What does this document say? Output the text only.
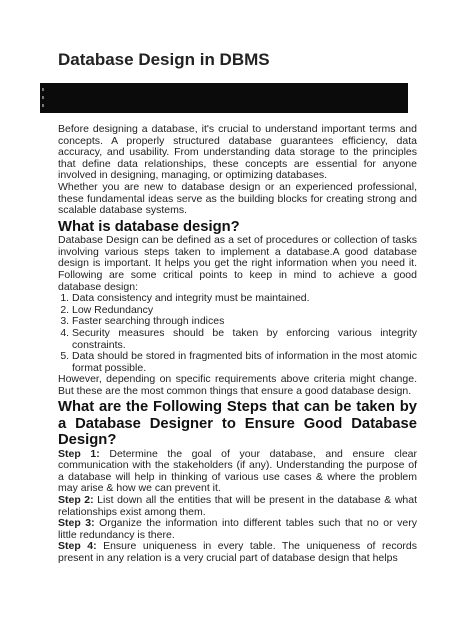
Database Design in DBMS

Before designing a database, it's crucial to understand important terms and concepts. A properly structured database guarantees efficiency, data accuracy, and usability. From understanding data storage to the principles that define data relationships, these concepts are essential for anyone involved in designing, managing, or optimizing databases.

Whether you are new to database design or an experienced professional, these fundamental ideas serve as the building blocks for creating strong and scalable database systems.

What is database design?

Database Design can be defined as a set of procedures or collection of tasks involving various steps taken to implement a database.A good database design is important. It helps you get the right information when you need it. Following are some critical points to keep in mind to achieve a good database design:

1. Data consistency and integrity must be maintained.
2. Low Redundancy
3. Faster searching through indices
4. Security measures should be taken by enforcing various integrity constraints.
5. Data should be stored in fragmented bits of information in the most atomic format possible.

However, depending on specific requirements above criteria might change. But these are the most common things that ensure a good database design.

What are the Following Steps that can be taken by a Database Designer to Ensure Good Database Design?

Step 1: Determine the goal of your database, and ensure clear communication with the stakeholders (if any). Understanding the purpose of a database will help in thinking of various use cases & where the problem may arise & how we can prevent it.

Step 2: List down all the entities that will be present in the database & what relationships exist among them.

Step 3: Organize the information into different tables such that no or very little redundancy is there.

Step 4: Ensure uniqueness in every table. The uniqueness of records present in any relation is a very crucial part of database design that helps
